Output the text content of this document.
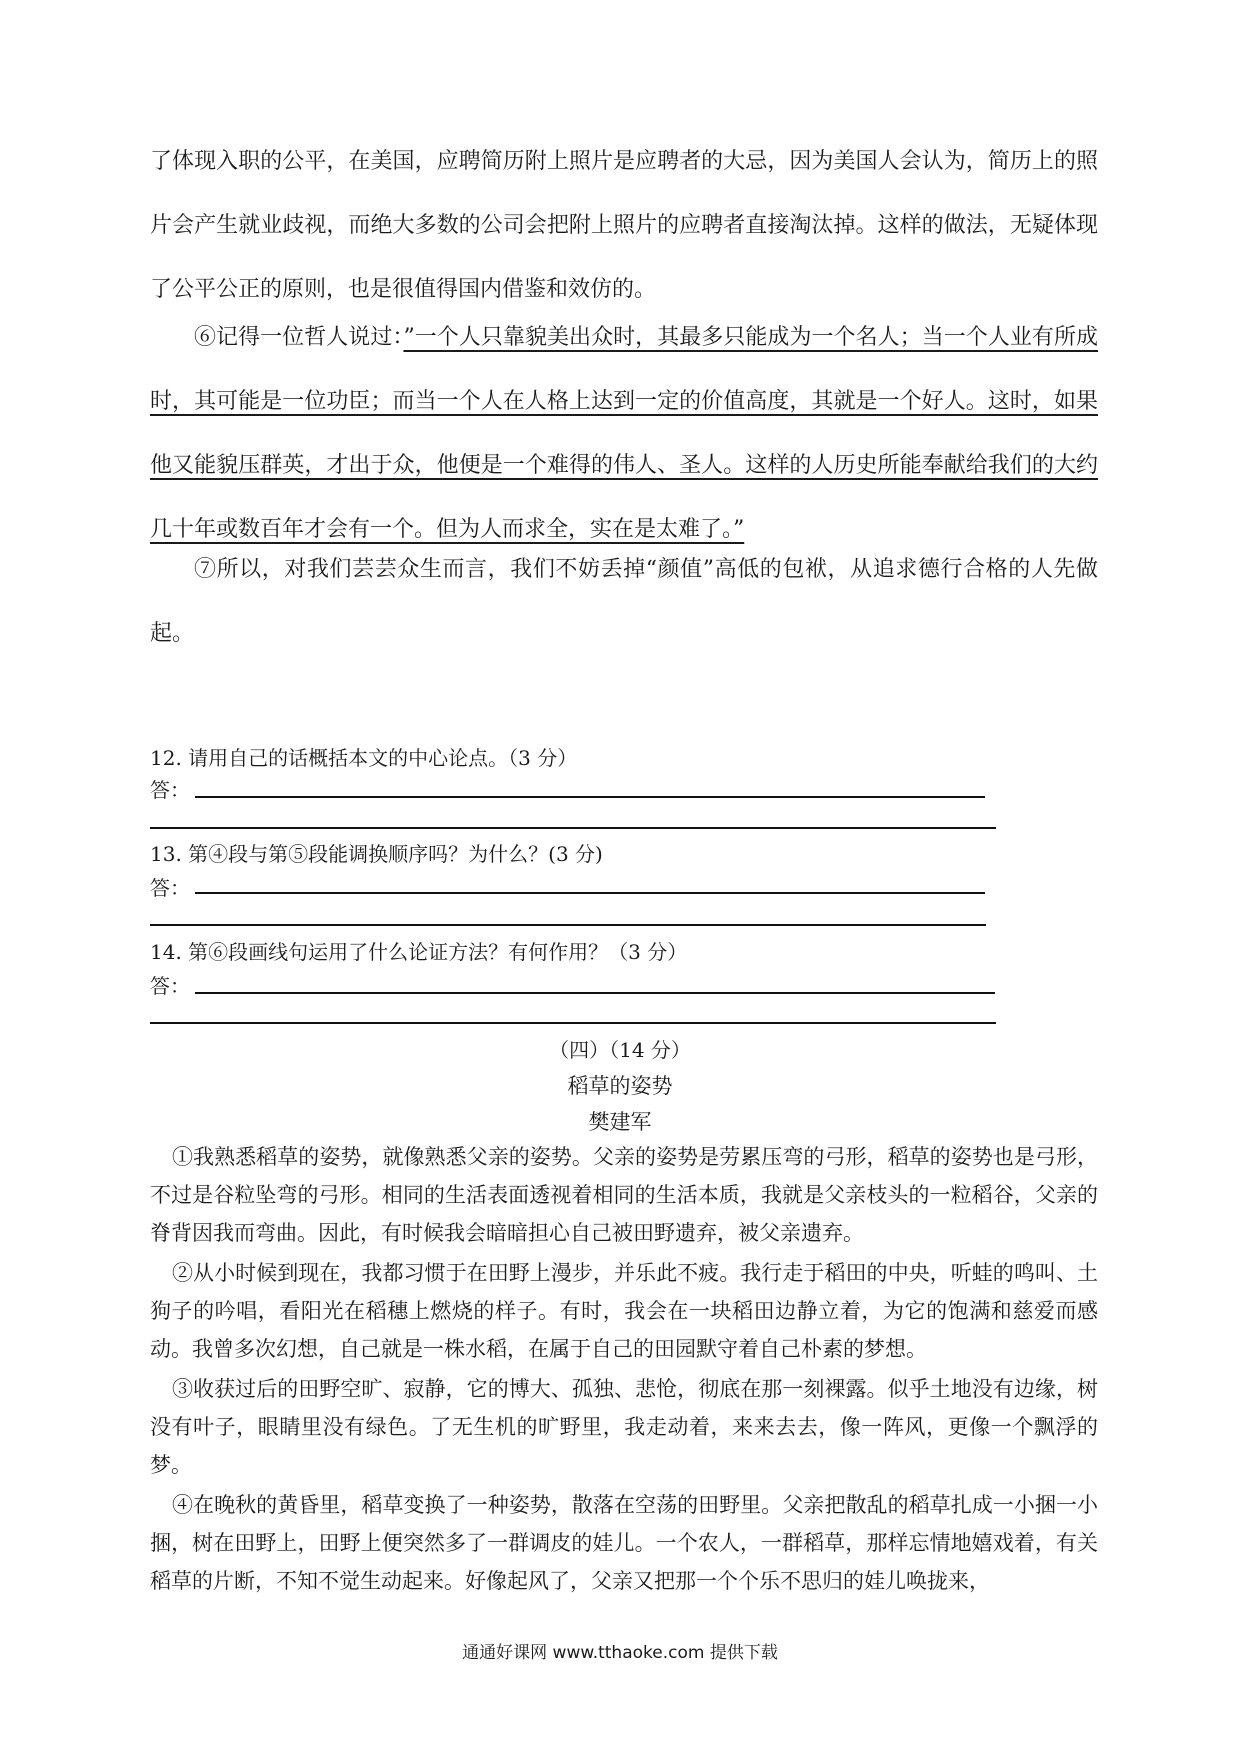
了体现入职的公平，在美国，应聘简历附上照片是应聘者的大忌，因为美国人会认为，简历上的照片会产生就业歧视，而绝大多数的公司会把附上照片的应聘者直接淘汰掉。这样的做法，无疑体现了公平公正的原则，也是很值得国内借鉴和效仿的。

⑥记得一位哲人说过：”一个人只靠貌美出众时，其最多只能成为一个名人；当一个人业有所成时，其可能是一位功臣；而当一个人在人格上达到一定的价值高度，其就是一个好人。这时，如果他又能貌压群英，才出于众，他便是一个难得的伟人、圣人。这样的人历史所能奉献给我们的大约几十年或数百年才会有一个。但为人而求全，实在是太难了。”

⑦所以，对我们芸芸众生而言，我们不妨丢掉“颜值”高低的包袱，从追求德行合格的人先做起。

12. 请用自己的话概括本文的中心论点。（3 分）

答：

13. 第④段与第⑤段能调换顺序吗？为什么？(3 分)

答：

14. 第⑥段画线句运用了什么论证方法？有何作用？（3 分）

答：

（四）（14 分）

稻草的姿势

樊建军

①我熟悉稻草的姿势，就像熟悉父亲的姿势。父亲的姿势是劳累压弯的弓形，稻草的姿势也是弓形，不过是谷粒坠弯的弓形。相同的生活表面透视着相同的生活本质，我就是父亲枝头的一粒稻谷，父亲的脊背因我而弯曲。因此，有时候我会暗暗担心自己被田野遗弃，被父亲遗弃。

②从小时候到现在，我都习惯于在田野上漫步，并乐此不疲。我行走于稻田的中央，听蛙的鸣叫、土狗子的吟唱，看阳光在稻穗上燃烧的样子。有时，我会在一块稻田边静立着，为它的饱满和慈爱而感动。我曾多次幻想，自己就是一株水稻，在属于自己的田园默守着自己朴素的梦想。

③收获过后的田野空旷、寂静，它的博大、孤独、悲怆，彻底在那一刻裸露。似乎土地没有边缘，树没有叶子，眼睛里没有绿色。了无生机的旷野里，我走动着，来来去去，像一阵风，更像一个飘浮的梦。

④在晚秋的黄昏里，稻草变换了一种姿势，散落在空荡的田野里。父亲把散乱的稻草扎成一小捆一小捆，树在田野上，田野上便突然多了一群调皮的娃儿。一个农人，一群稻草，那样忘情地嬉戏着，有关稻草的片断，不知不觉生动起来。好像起风了，父亲又把那一个个乐不思归的娃儿唤拢来，

通通好课网 www.tthaoke.com 提供下载
